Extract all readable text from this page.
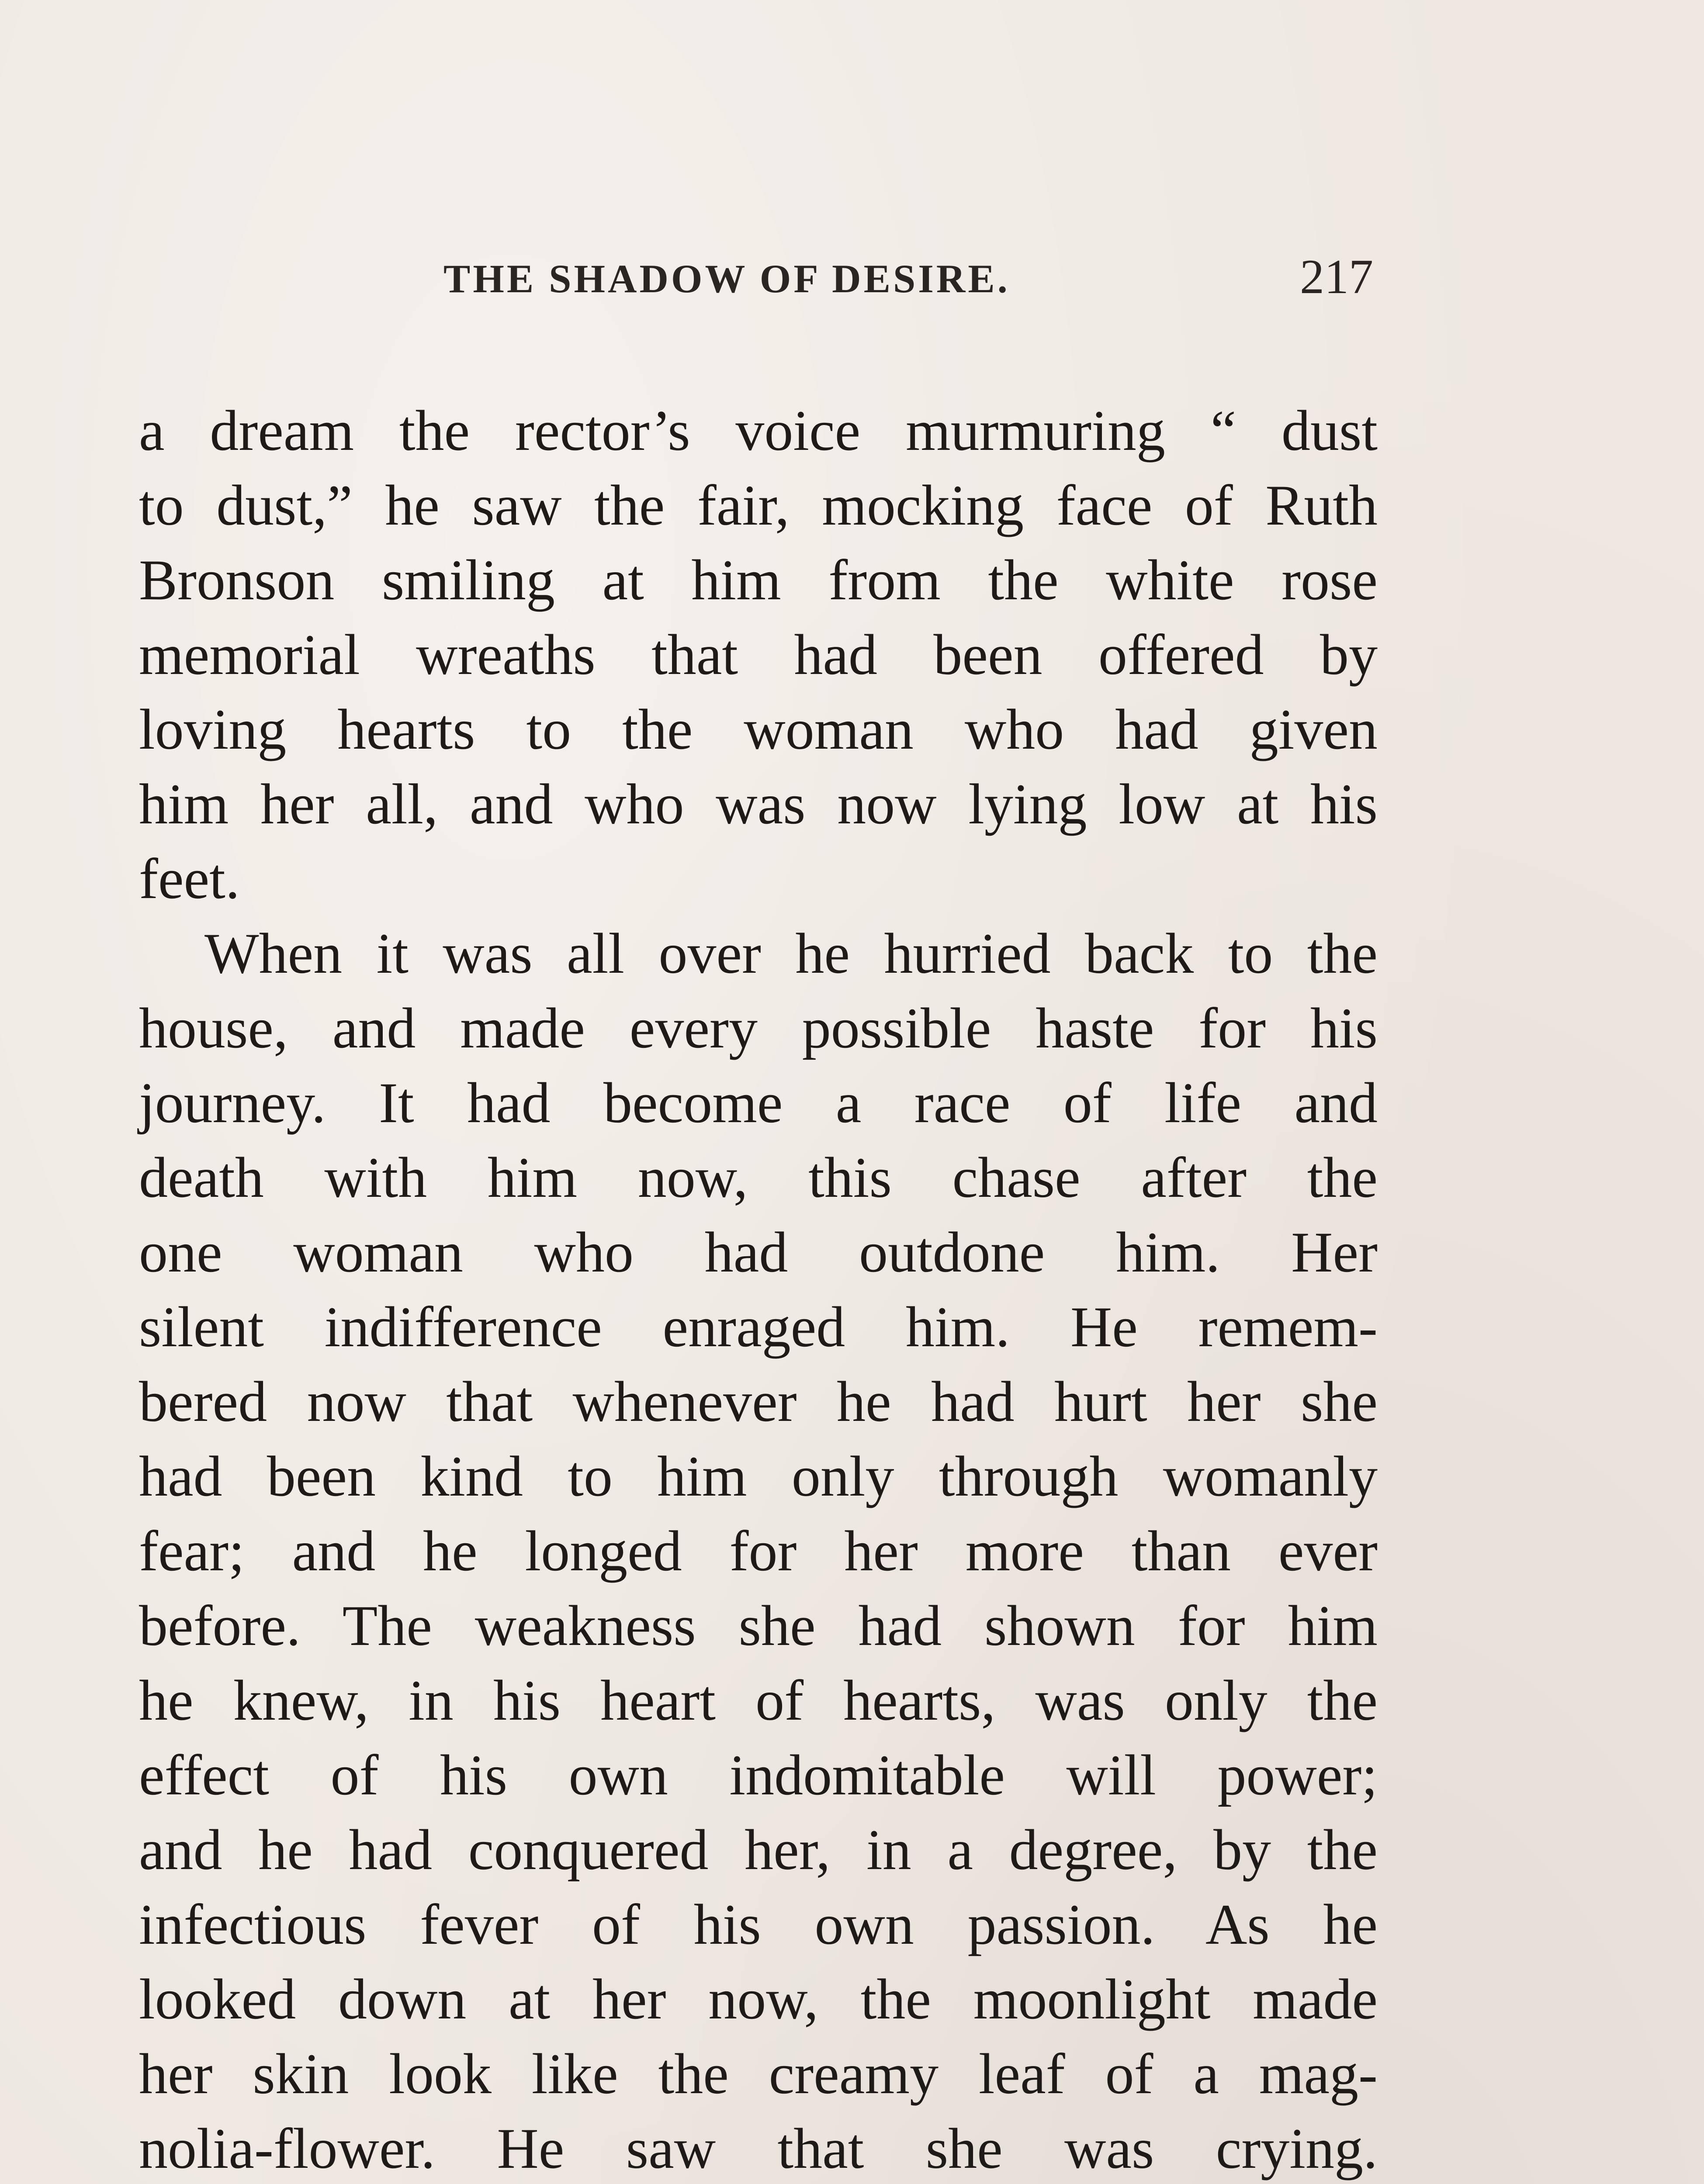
THE SHADOW OF DESIRE.	217
a dream the rector’s voice murmuring “ dust
to dust,” he saw the fair, mocking face of Ruth
Bronson smiling at him from the white rose
memorial wreaths that had been offered by
loving hearts to the woman who had given
him her all, and who was now lying low at his
feet.
When it was all over he hurried back to the
house, and made every possible haste for his
journey. It had become a race of life and
death with him now, this chase after the
one woman who had outdone him. Her
silent indifference enraged him. He remem-
bered now that whenever he had hurt her she
had been kind to him only through womanly
fear; and he longed for her more than ever
before. The weakness she had shown for him
he knew, in his heart of hearts, was only the
effect of his own indomitable will power;
and he had conquered her, in a degree, by the
infectious fever of his own passion. As he
looked down at her now, the moonlight made
her skin look like the creamy leaf of a mag-
nolia-flower. He saw that she was crying.
